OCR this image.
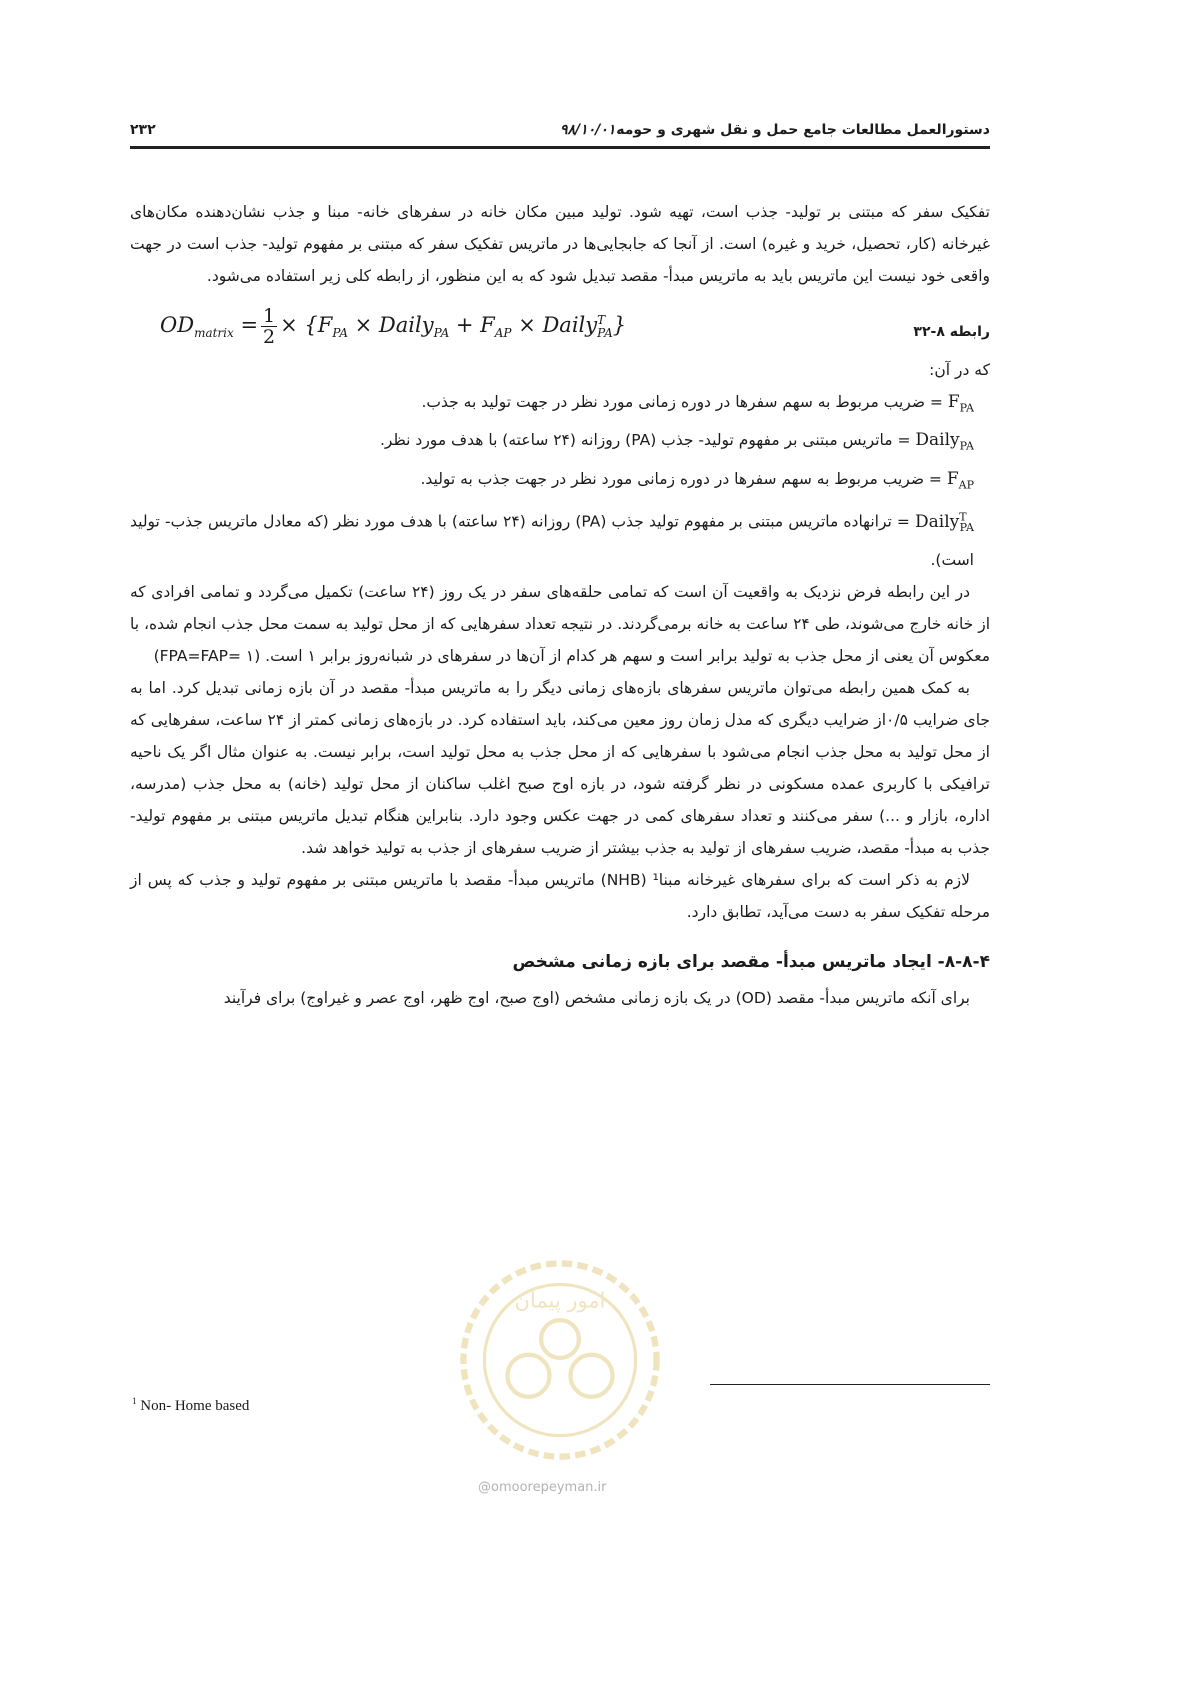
۲۳۲	۹۸/۱۰/۰۱ دستورالعمل مطالعات جامع حمل و نقل شهری و حومه

تفکیک سفر که مبتنی بر تولید- جذب است، تهیه شود. تولید مبین مکان خانه در سفرهای خانه- مبنا و جذب نشان‌دهنده مکان‌های غیرخانه (کار، تحصیل، خرید و غیره) است. از آنجا که جابجایی‌ها در ماتریس تفکیک سفر که مبتنی بر مفهوم تولید- جذب است در جهت واقعی خود نیست این ماتریس باید به ماتریس مبدأ- مقصد تبدیل شود که به این منظور، از رابطه کلی زیر استفاده می‌شود.

$OD_{matrix} = \frac{1}{2} \times \{F_{PA}$ × Daily$_{PA}$ + $F_{AP}$ × Daily$^T_{PA}$}	رابطه ۸-۳۲

که در آن:

$F_{PA}$ = ضریب مربوط به سهم سفرها در دوره زمانی مورد نظر در جهت تولید به جذب.
Daily$_{PA}$ = ماتریس مبتنی بر مفهوم تولید- جذب (PA) روزانه (۲۴ ساعته) با هدف مورد نظر.
$F_{AP}$ = ضریب مربوط به سهم سفرها در دوره زمانی مورد نظر در جهت جذب به تولید.
Daily$^T_{PA}$ = ترانهاده ماتریس مبتنی بر مفهوم تولید جذب (PA) روزانه (۲۴ ساعته) با هدف مورد نظر (که معادل ماتریس جذب- تولید است).

در این رابطه فرض نزدیک به واقعیت آن است که تمامی حلقه‌های سفر در یک روز (۲۴ ساعت) تکمیل می‌گردد و تمامی افرادی که از خانه خارج می‌شوند، طی ۲۴ ساعت به خانه برمی‌گردند. در نتیجه تعداد سفرهایی که از محل تولید به سمت محل جذب انجام شده، با معکوس آن یعنی از محل جذب به تولید برابر است و سهم هر کدام از آن‌ها در سفرهای در شبانه‌روز برابر ۱ است. (۱ =FPA=FAP)

به کمک همین رابطه می‌توان ماتریس سفرهای بازه‌های زمانی دیگر را به ماتریس مبدأ- مقصد در آن بازه زمانی تبدیل کرد. اما به جای ضرایب ۰/۵از ضرایب دیگری که مدل زمان روز معین می‌کند، باید استفاده کرد. در بازه‌های زمانی کمتر از ۲۴ ساعت، سفرهایی که از محل تولید به محل جذب انجام می‌شود با سفرهایی که از محل جذب به محل تولید است، برابر نیست. به عنوان مثال اگر یک ناحیه ترافیکی با کاربری عمده مسکونی در نظر گرفته شود، در بازه اوج صبح اغلب ساکنان از محل تولید (خانه) به محل جذب (مدرسه، اداره، بازار و ...) سفر می‌کنند و تعداد سفرهای کمی در جهت عکس وجود دارد. بنابراین هنگام تبدیل ماتریس مبتنی بر مفهوم تولید- جذب به مبدأ- مقصد، ضریب سفرهای از تولید به جذب بیشتر از ضریب سفرهای از جذب به تولید خواهد شد.

لازم به ذکر است که برای سفرهای غیرخانه مبنا¹ (NHB) ماتریس مبدأ- مقصد با ماتریس مبتنی بر مفهوم تولید و جذب که پس از مرحله تفکیک سفر به دست می‌آید، تطابق دارد.

۸-۸-۴- ایجاد ماتریس مبدأ- مقصد برای بازه زمانی مشخص

برای آنکه ماتریس مبدأ- مقصد (OD) در یک بازه زمانی مشخص (اوج صبح، اوج ظهر، اوج عصر و غیراوج) برای فرآیند

$^1$ Non- Home based
امور پیمان
@omoorepeyman.ir
